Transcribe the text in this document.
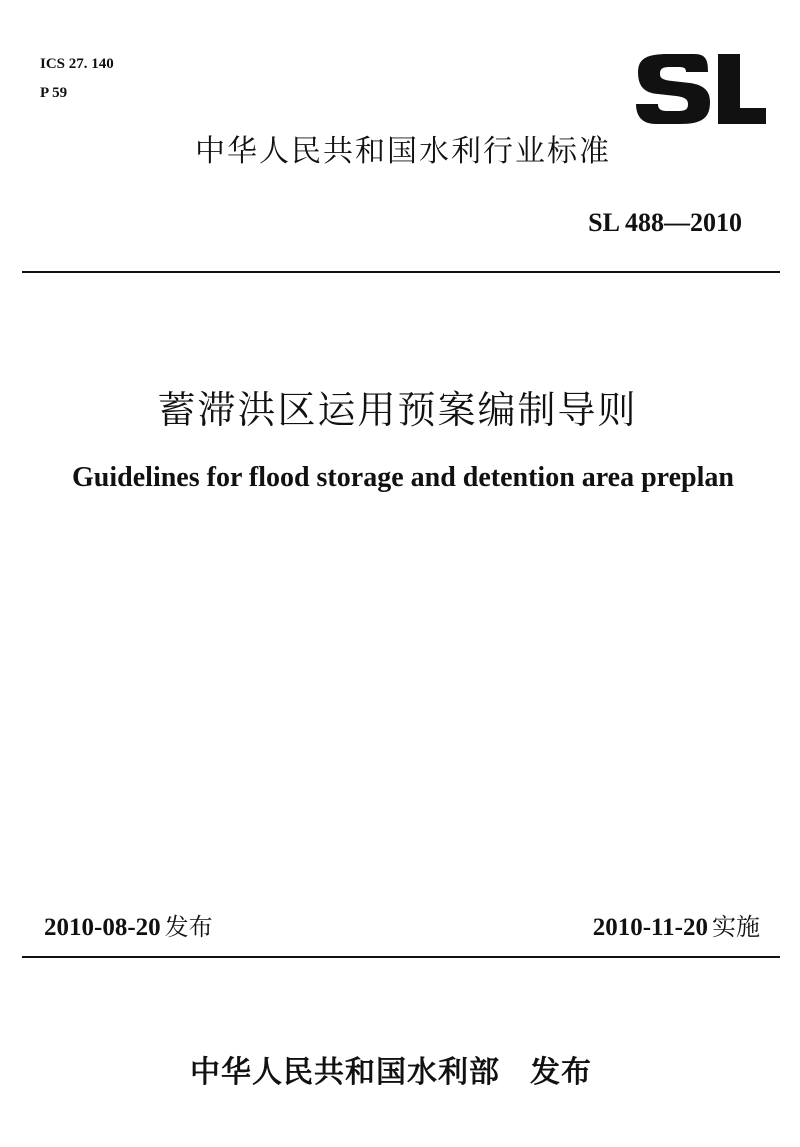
ICS 27. 140
P 59
中华人民共和国水利行业标准
SL 488—2010
蓄滞洪区运用预案编制导则
Guidelines for flood storage and detention area preplan
2010-08-20 发布	2010-11-20 实施
中华人民共和国水利部 发布
